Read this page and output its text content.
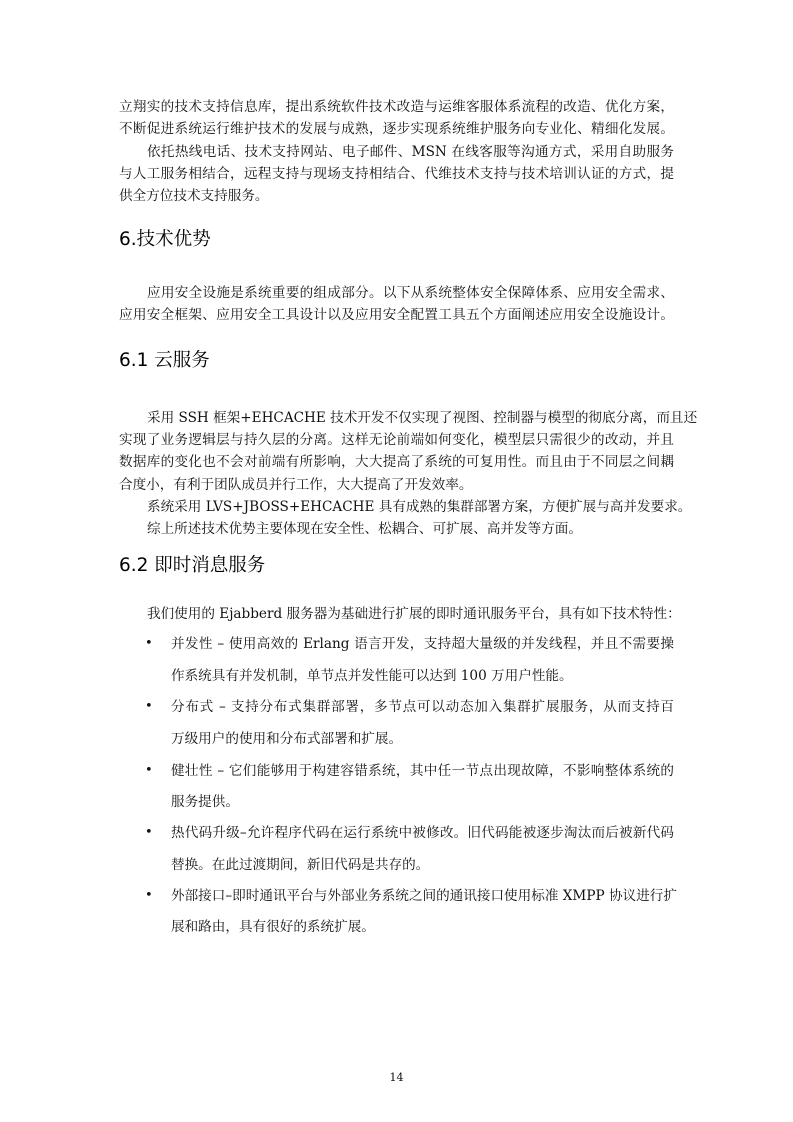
立翔实的技术支持信息库，提出系统软件技术改造与运维客服体系流程的改造、优化方案，
不断促进系统运行维护技术的发展与成熟，逐步实现系统维护服务向专业化、精细化发展。
依托热线电话、技术支持网站、电子邮件、MSN 在线客服等沟通方式，采用自助服务
与人工服务相结合，远程支持与现场支持相结合、代维技术支持与技术培训认证的方式，提
供全方位技术支持服务。
6.技术优势
应用安全设施是系统重要的组成部分。以下从系统整体安全保障体系、应用安全需求、
应用安全框架、应用安全工具设计以及应用安全配置工具五个方面阐述应用安全设施设计。
6.1 云服务
采用 SSH 框架+EHCACHE 技术开发不仅实现了视图、控制器与模型的彻底分离，而且还
实现了业务逻辑层与持久层的分离。这样无论前端如何变化，模型层只需很少的改动，并且
数据库的变化也不会对前端有所影响，大大提高了系统的可复用性。而且由于不同层之间耦
合度小，有利于团队成员并行工作，大大提高了开发效率。
系统采用 LVS+JBOSS+EHCACHE 具有成熟的集群部署方案，方便扩展与高并发要求。
综上所述技术优势主要体现在安全性、松耦合、可扩展、高并发等方面。
6.2 即时消息服务
我们使用的 Ejabberd 服务器为基础进行扩展的即时通讯服务平台，具有如下技术特性：
• 并发性 – 使用高效的 Erlang 语言开发，支持超大量级的并发线程，并且不需要操
作系统具有并发机制，单节点并发性能可以达到 100 万用户性能。
• 分布式 – 支持分布式集群部署，多节点可以动态加入集群扩展服务，从而支持百
万级用户的使用和分布式部署和扩展。
• 健壮性 – 它们能够用于构建容错系统，其中任一节点出现故障，不影响整体系统的
服务提供。
• 热代码升级–允许程序代码在运行系统中被修改。旧代码能被逐步淘汰而后被新代码
替换。在此过渡期间，新旧代码是共存的。
• 外部接口–即时通讯平台与外部业务系统之间的通讯接口使用标准 XMPP 协议进行扩
展和路由，具有很好的系统扩展。
14
